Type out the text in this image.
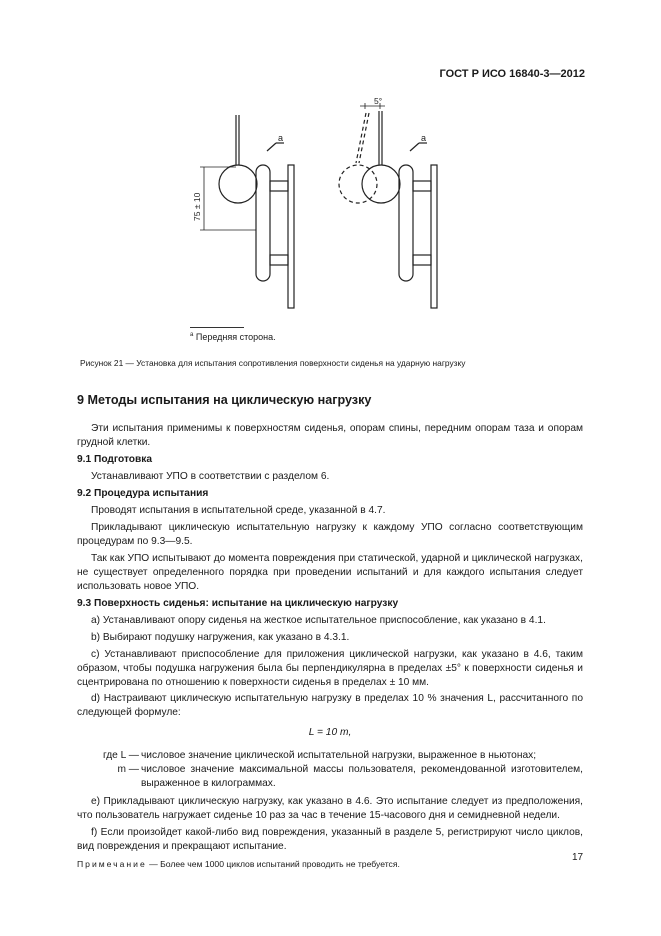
ГОСТ Р ИСО 16840-3—2012
a	a
75 ± 10
5°
$^a$ Передняя сторона.
Рисунок 21 — Установка для испытания сопротивления поверхности сиденья на ударную нагрузку
9 Методы испытания на циклическую нагрузку

Эти испытания применимы к поверхностям сиденья, опорам спины, передним опорам таза и опорам грудной клетки.

9.1 Подготовка

Устанавливают УПО в соответствии с разделом 6.

9.2 Процедура испытания

Проводят испытания в испытательной среде, указанной в 4.7.

Прикладывают циклическую испытательную нагрузку к каждому УПО согласно соответствующим процедурам по 9.3—9.5.

Так как УПО испытывают до момента повреждения при статической, ударной и циклической нагрузках, не существует определенного порядка при проведении испытаний и для каждого испытания следует использовать новое УПО.

9.3 Поверхность сиденья: испытание на циклическую нагрузку

a) Устанавливают опору сиденья на жесткое испытательное приспособление, как указано в 4.1.

b) Выбирают подушку нагружения, как указано в 4.3.1.

c) Устанавливают приспособление для приложения циклической нагрузки, как указано в 4.6, таким образом, чтобы подушка нагружения была бы перпендикулярна в пределах ±5° к поверхности сиденья и сцентрирована по отношению к поверхности сиденья в пределах ± 10 мм.

d) Настраивают циклическую испытательную нагрузку в пределах 10 % значения L, рассчитанного по следующей формуле:

L = 10 m,

где L — числовое значение циклической испытательной нагрузки, выраженное в ньютонах;
m — числовое значение максимальной массы пользователя, рекомендованной изготовителем, выраженное в килограммах.

e) Прикладывают циклическую нагрузку, как указано в 4.6. Это испытание следует из предположения, что пользователь нагружает сиденье 10 раз за час в течение 15-часового дня и семидневной недели.

f) Если произойдет какой-либо вид повреждения, указанный в разделе 5, регистрируют число циклов, вид повреждения и прекращают испытание.

Примечание — Более чем 1000 циклов испытаний проводить не требуется.

17
